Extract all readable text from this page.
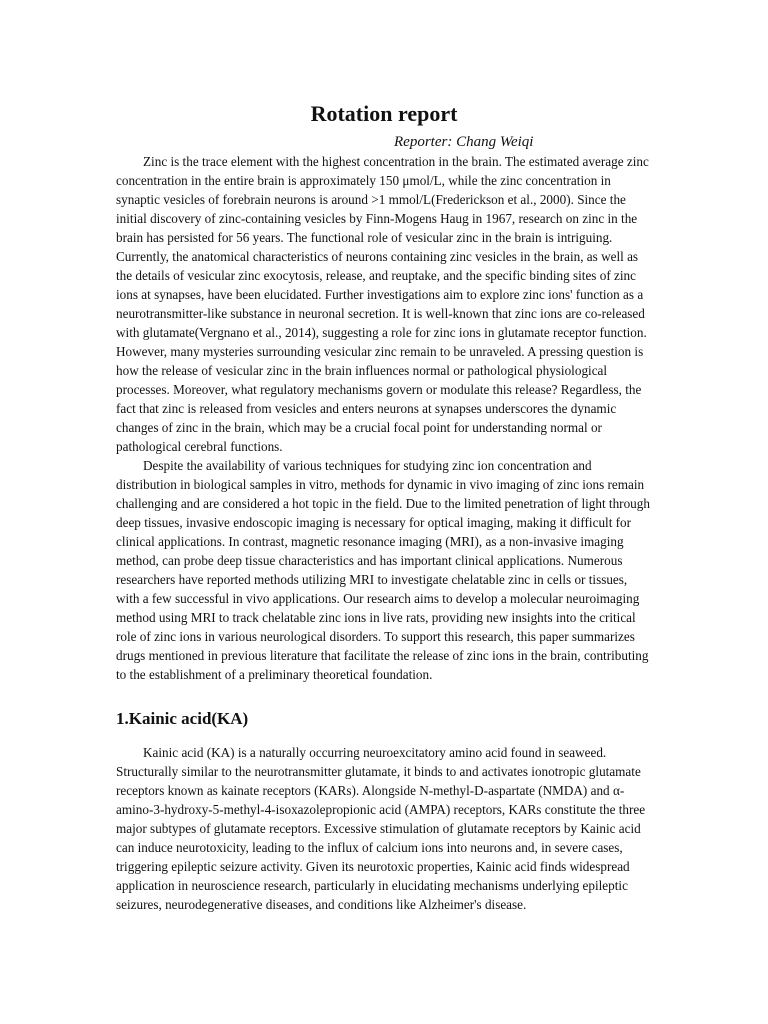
Rotation report

Reporter: Chang Weiqi

Zinc is the trace element with the highest concentration in the brain. The estimated average zinc concentration in the entire brain is approximately 150 μmol/L, while the zinc concentration in synaptic vesicles of forebrain neurons is around >1 mmol/L(Frederickson et al., 2000). Since the initial discovery of zinc-containing vesicles by Finn-Mogens Haug in 1967, research on zinc in the brain has persisted for 56 years. The functional role of vesicular zinc in the brain is intriguing. Currently, the anatomical characteristics of neurons containing zinc vesicles in the brain, as well as the details of vesicular zinc exocytosis, release, and reuptake, and the specific binding sites of zinc ions at synapses, have been elucidated. Further investigations aim to explore zinc ions' function as a neurotransmitter-like substance in neuronal secretion. It is well-known that zinc ions are co-released with glutamate(Vergnano et al., 2014), suggesting a role for zinc ions in glutamate receptor function. However, many mysteries surrounding vesicular zinc remain to be unraveled. A pressing question is how the release of vesicular zinc in the brain influences normal or pathological physiological processes. Moreover, what regulatory mechanisms govern or modulate this release? Regardless, the fact that zinc is released from vesicles and enters neurons at synapses underscores the dynamic changes of zinc in the brain, which may be a crucial focal point for understanding normal or pathological cerebral functions.

Despite the availability of various techniques for studying zinc ion concentration and distribution in biological samples in vitro, methods for dynamic in vivo imaging of zinc ions remain challenging and are considered a hot topic in the field. Due to the limited penetration of light through deep tissues, invasive endoscopic imaging is necessary for optical imaging, making it difficult for clinical applications. In contrast, magnetic resonance imaging (MRI), as a non-invasive imaging method, can probe deep tissue characteristics and has important clinical applications. Numerous researchers have reported methods utilizing MRI to investigate chelatable zinc in cells or tissues, with a few successful in vivo applications. Our research aims to develop a molecular neuroimaging method using MRI to track chelatable zinc ions in live rats, providing new insights into the critical role of zinc ions in various neurological disorders. To support this research, this paper summarizes drugs mentioned in previous literature that facilitate the release of zinc ions in the brain, contributing to the establishment of a preliminary theoretical foundation.

1.Kainic acid(KA)

Kainic acid (KA) is a naturally occurring neuroexcitatory amino acid found in seaweed. Structurally similar to the neurotransmitter glutamate, it binds to and activates ionotropic glutamate receptors known as kainate receptors (KARs). Alongside N-methyl-D-aspartate (NMDA) and α-amino-3-hydroxy-5-methyl-4-isoxazolepropionic acid (AMPA) receptors, KARs constitute the three major subtypes of glutamate receptors. Excessive stimulation of glutamate receptors by Kainic acid can induce neurotoxicity, leading to the influx of calcium ions into neurons and, in severe cases, triggering epileptic seizure activity. Given its neurotoxic properties, Kainic acid finds widespread application in neuroscience research, particularly in elucidating mechanisms underlying epileptic seizures, neurodegenerative diseases, and conditions like Alzheimer's disease.
